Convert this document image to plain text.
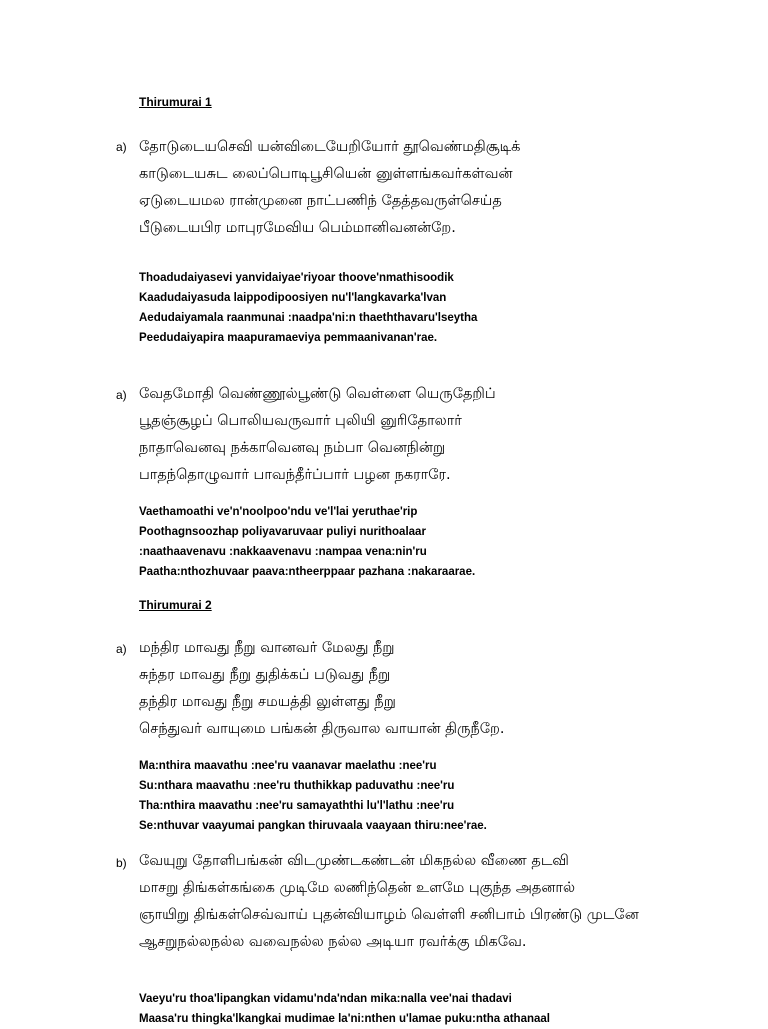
Thirumurai 1
a) தோடுடையசெவி யன்விடையேறியோர் தூவெண்மதிசூடிக்
காடுடையசுட லைப்பொடிபூசியென் னுள்ளங்கவர்கள்வன்
ஏடுடையமல ரான்முனை நாட்பணிந் தேத்தவருள்செய்த
பீடுடையபிர மாபுரமேவிய பெம்மானிவனன்றே.
Thoadudaiyasevi yanvidaiyae'riyoar thoove'nmathisoodik
Kaadudaiyasuda laippodipoosiyen nu'l'langkavarka'lvan
Aedudaiyamala raanmunai :naadpa'ni:n thaeththavaru'lseytha
Peedudaiyapira maapuramaeviya pemmaanivanan'rae.
a) வேதமோதி வெண்ணூல்பூண்டு வெள்ளை யெருதேறிப்
பூதஞ்சூழப் பொலியவருவார் புலியி னுரிதோலார்
நாதாவெனவு நக்காவெனவு நம்பா வெனநின்று
பாதந்தொழுவார் பாவந்தீர்ப்பார் பழன நகராரே.
Vaethamoathi ve'n'noolpoo'ndu ve'l'lai yeruthae'rip
Poothagnsoozhap poliyavaruvaar puliyi nurithoalaar
:naathaavenavu :nakkaavenavu :nampaa vena:nin'ru
Paatha:nthozhuvaar paava:ntheerppaar pazhana :nakaraarae.
Thirumurai 2
a) மந்திர மாவது நீறு வானவர் மேலது நீறு
சுந்தர மாவது நீறு துதிக்கப் படுவது நீறு
தந்திர மாவது நீறு சமயத்தி லுள்ளது நீறு
செந்துவர் வாயுமை பங்கன் திருவால வாயான் திருநீறே.
Ma:nthira maavathu :nee'ru vaanavar maelathu :nee'ru
Su:nthara maavathu :nee'ru thuthikkap paduvathu :nee'ru
Tha:nthira maavathu :nee'ru samayaththi lu'l'lathu :nee'ru
Se:nthuvar vaayumai pangkan thiruvaala vaayaan thiru:nee'rae.
b) வேயுறு தோளிபங்கன் விடமுண்டகண்டன் மிகநல்ல வீணை தடவி
மாசறு திங்கள்கங்கை முடிமே லணிந்தென் உளமே புகுந்த அதனால்
ஞாயிறு திங்கள்செவ்வாய் புதன்வியாழம் வெள்ளி சனிபாம் பிரண்டு முடனே
ஆசறுநல்லநல்ல வவைநல்ல நல்ல அடியா ரவர்க்கு மிகவே.
Vaeyu'ru thoa'lipangkan vidamu'nda'ndan mika:nalla vee'nai thadavi
Maasa'ru thingka'lkangkai mudimae la'ni:nthen u'lamae puku:ntha athanaal
